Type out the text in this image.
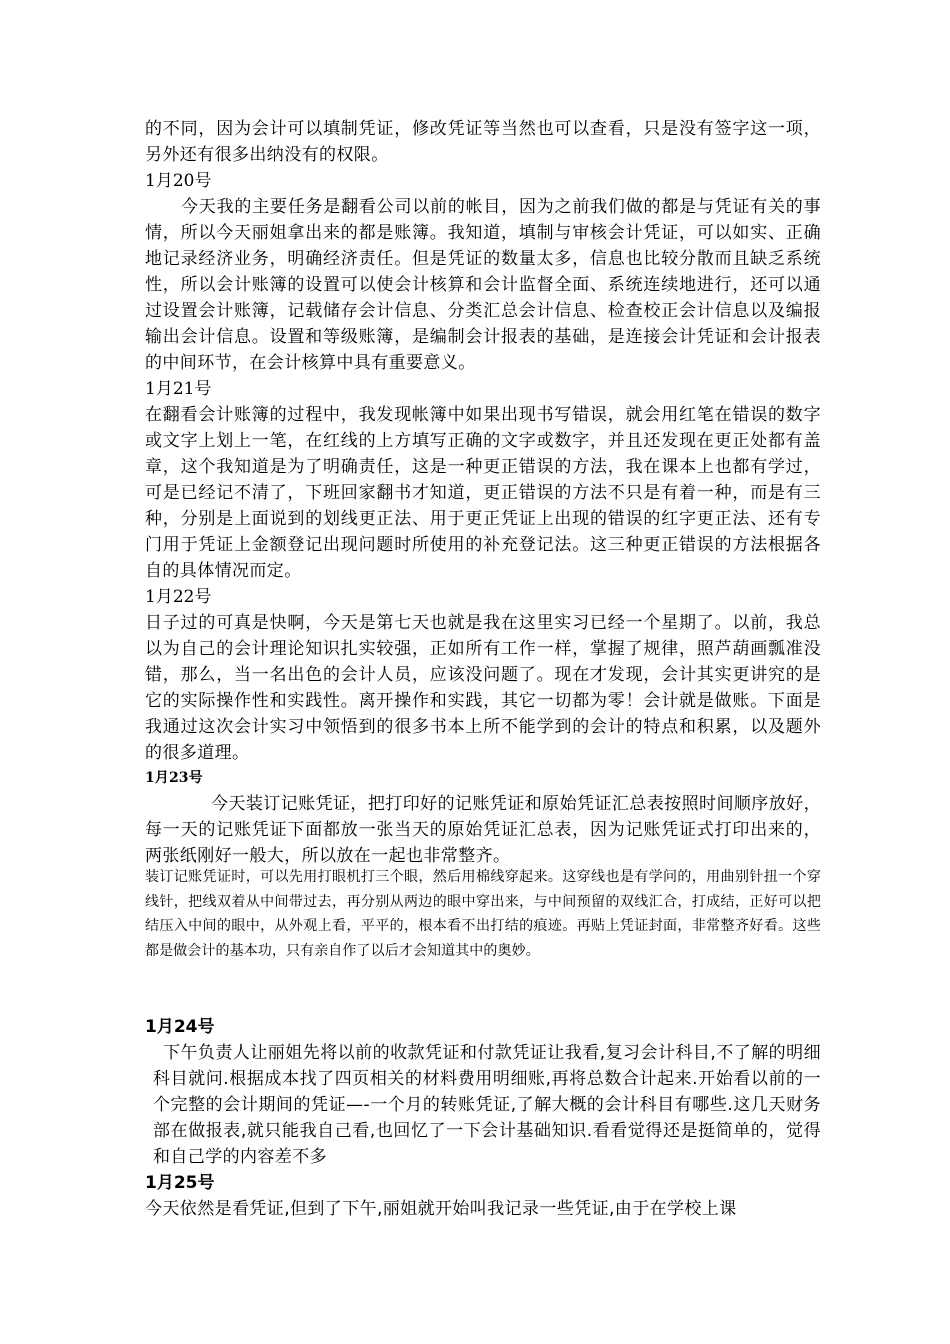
的不同，因为会计可以填制凭证，修改凭证等当然也可以查看，只是没有签字这一项，另外还有很多出纳没有的权限。

1月20号

今天我的主要任务是翻看公司以前的帐目，因为之前我们做的都是与凭证有关的事情，所以今天丽姐拿出来的都是账簿。我知道，填制与审核会计凭证，可以如实、正确地记录经济业务，明确经济责任。但是凭证的数量太多，信息也比较分散而且缺乏系统性，所以会计账簿的设置可以使会计核算和会计监督全面、系统连续地进行，还可以通过设置会计账簿，记载储存会计信息、分类汇总会计信息、检查校正会计信息以及编报输出会计信息。设置和等级账簿，是编制会计报表的基础，是连接会计凭证和会计报表的中间环节，在会计核算中具有重要意义。

1月21号

在翻看会计账簿的过程中，我发现帐簿中如果出现书写错误，就会用红笔在错误的数字或文字上划上一笔，在红线的上方填写正确的文字或数字，并且还发现在更正处都有盖章，这个我知道是为了明确责任，这是一种更正错误的方法，我在课本上也都有学过，可是已经记不清了，下班回家翻书才知道，更正错误的方法不只是有着一种，而是有三种，分别是上面说到的划线更正法、用于更正凭证上出现的错误的红字更正法、还有专门用于凭证上金额登记出现问题时所使用的补充登记法。这三种更正错误的方法根据各自的具体情况而定。

1月22号

日子过的可真是快啊，今天是第七天也就是我在这里实习已经一个星期了。以前，我总以为自己的会计理论知识扎实较强，正如所有工作一样，掌握了规律，照芦葫画瓢准没错，那么，当一名出色的会计人员，应该没问题了。现在才发现，会计其实更讲究的是它的实际操作性和实践性。离开操作和实践，其它一切都为零！会计就是做账。下面是我通过这次会计实习中领悟到的很多书本上所不能学到的会计的特点和积累，以及题外的很多道理。

1月23号

今天装订记账凭证，把打印好的记账凭证和原始凭证汇总表按照时间顺序放好，每一天的记账凭证下面都放一张当天的原始凭证汇总表，因为记账凭证式打印出来的，两张纸刚好一般大，所以放在一起也非常整齐。

装订记账凭证时，可以先用打眼机打三个眼，然后用棉线穿起来。这穿线也是有学问的，用曲别针扭一个穿线针，把线双着从中间带过去，再分别从两边的眼中穿出来，与中间预留的双线汇合，打成结，正好可以把结压入中间的眼中，从外观上看，平平的，根本看不出打结的痕迹。再贴上凭证封面，非常整齐好看。这些都是做会计的基本功，只有亲自作了以后才会知道其中的奥妙。

1月24号

下午负责人让丽姐先将以前的收款凭证和付款凭证让我看,复习会计科目,不了解的明细科目就问.根据成本找了四页相关的材料费用明细账,再将总数合计起来.开始看以前的一个完整的会计期间的凭证—-一个月的转账凭证,了解大概的会计科目有哪些.这几天财务部在做报表,就只能我自己看,也回忆了一下会计基础知识.看看觉得还是挺简单的，觉得和自己学的内容差不多

1月25号

今天依然是看凭证,但到了下午,丽姐就开始叫我记录一些凭证,由于在学校上课
